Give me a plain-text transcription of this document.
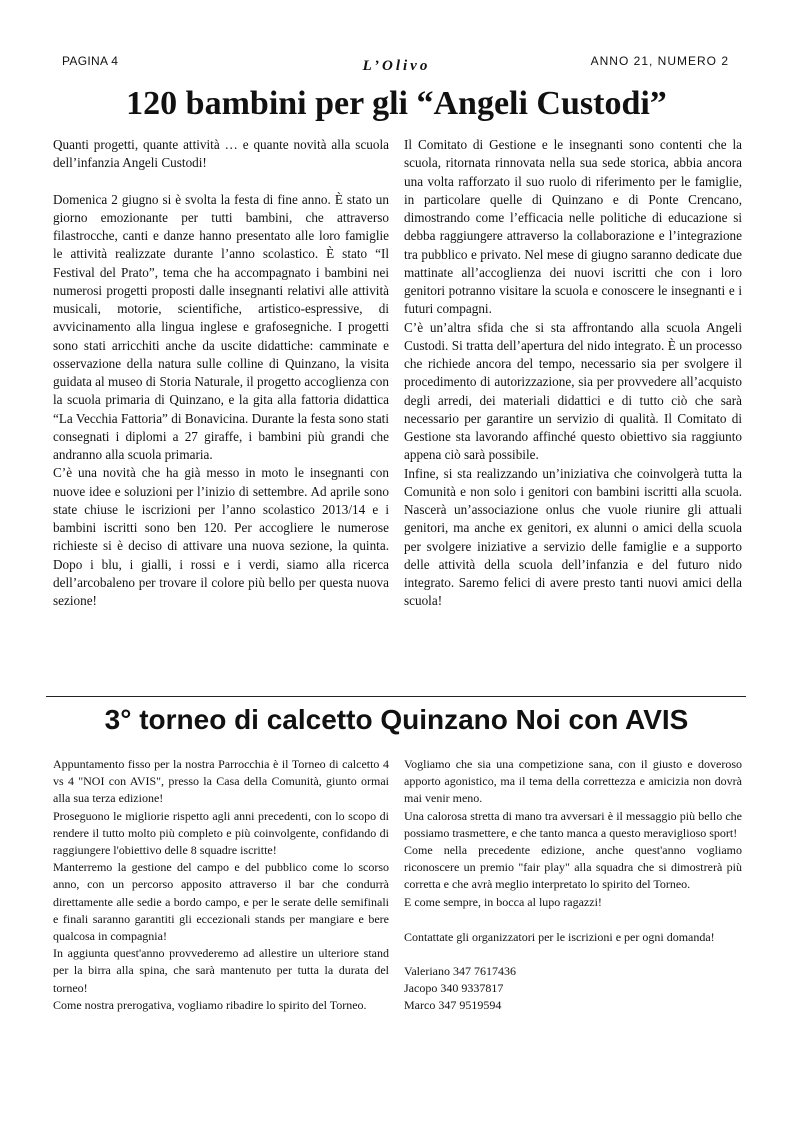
PAGINA 4	L’Olivo	ANNO 21, NUMERO 2
120 bambini per gli “Angeli Custodi”

Quanti progetti, quante attività … e quante novità alla scuola dell’infanzia Angeli Custodi!

Domenica 2 giugno si è svolta la festa di fine anno. È stato un giorno emozionante per tutti bambini, che attraverso filastrocche, canti e danze hanno presentato alle loro famiglie le attività realizzate durante l’anno scolastico. È stato “Il Festival del Prato”, tema che ha accompagnato i bambini nei numerosi progetti proposti dalle insegnanti relativi alle attività musicali, motorie, scientifiche, artistico-espressive, di avvicinamento alla lingua inglese e grafosegniche. I progetti sono stati arricchiti anche da uscite didattiche: camminate e osservazione della natura sulle colline di Quinzano, la visita guidata al museo di Storia Naturale, il progetto accoglienza con la scuola primaria di Quinzano, e la gita alla fattoria didattica “La Vecchia Fattoria” di Bonavicina. Durante la festa sono stati consegnati i diplomi a 27 giraffe, i bambini più grandi che andranno alla scuola primaria.

C’è una novità che ha già messo in moto le insegnanti con nuove idee e soluzioni per l’inizio di settembre. Ad aprile sono state chiuse le iscrizioni per l’anno scolastico 2013/14 e i bambini iscritti sono ben 120. Per accogliere le numerose richieste si è deciso di attivare una nuova sezione, la quinta. Dopo i blu, i gialli, i rossi e i verdi, siamo alla ricerca dell’arcobaleno per trovare il colore più bello per questa nuova sezione!

Il Comitato di Gestione e le insegnanti sono contenti che la scuola, ritornata rinnovata nella sua sede storica, abbia ancora una volta rafforzato il suo ruolo di riferimento per le famiglie, in particolare quelle di Quinzano e di Ponte Crencano, dimostrando come l’efficacia nelle politiche di educazione si debba raggiungere attraverso la collaborazione e l’integrazione tra pubblico e privato. Nel mese di giugno saranno dedicate due mattinate all’accoglienza dei nuovi iscritti che con i loro genitori potranno visitare la scuola e conoscere le insegnanti e i futuri compagni.

C’è un’altra sfida che si sta affrontando alla scuola Angeli Custodi. Si tratta dell’apertura del nido integrato. È un processo che richiede ancora del tempo, necessario sia per svolgere il procedimento di autorizzazione, sia per provvedere all’acquisto degli arredi, dei materiali didattici e di tutto ciò che sarà necessario per garantire un servizio di qualità. Il Comitato di Gestione sta lavorando affinché questo obiettivo sia raggiunto appena ciò sarà possibile.

Infine, si sta realizzando un’iniziativa che coinvolgerà tutta la Comunità e non solo i genitori con bambini iscritti alla scuola. Nascerà un’associazione onlus che vuole riunire gli attuali genitori, ma anche ex genitori, ex alunni o amici della scuola per svolgere iniziative a servizio delle famiglie e a supporto delle attività della scuola dell’infanzia e del futuro nido integrato. Saremo felici di avere presto tanti nuovi amici della scuola!

3° torneo di calcetto Quinzano Noi con AVIS

Appuntamento fisso per la nostra Parrocchia è il Torneo di calcetto 4 vs 4 "NOI con AVIS", presso la Casa della Comunità, giunto ormai alla sua terza edizione!

Proseguono le migliorie rispetto agli anni precedenti, con lo scopo di rendere il tutto molto più completo e più coinvolgente, confidando di raggiungere l'obiettivo delle 8 squadre iscritte!

Manterremo la gestione del campo e del pubblico come lo scorso anno, con un percorso apposito attraverso il bar che condurrà direttamente alle sedie a bordo campo, e per le serate delle semifinali e finali saranno garantiti gli eccezionali stands per mangiare e bere qualcosa in compagnia!

In aggiunta quest'anno provvederemo ad allestire un ulteriore stand per la birra alla spina, che sarà mantenuto per tutta la durata del torneo!

Come nostra prerogativa, vogliamo ribadire lo spirito del Torneo.

Vogliamo che sia una competizione sana, con il giusto e doveroso apporto agonistico, ma il tema della correttezza e amicizia non dovrà mai venir meno.

Una calorosa stretta di mano tra avversari è il messaggio più bello che possiamo trasmettere, e che tanto manca a questo meraviglioso sport!

Come nella precedente edizione, anche quest'anno vogliamo riconoscere un premio "fair play" alla squadra che si dimostrerà più corretta e che avrà meglio interpretato lo spirito del Torneo.

E come sempre, in bocca al lupo ragazzi!

Contattate gli organizzatori per le iscrizioni e per ogni domanda!

Valeriano 347 7617436

Jacopo 340 9337817

Marco 347 9519594
